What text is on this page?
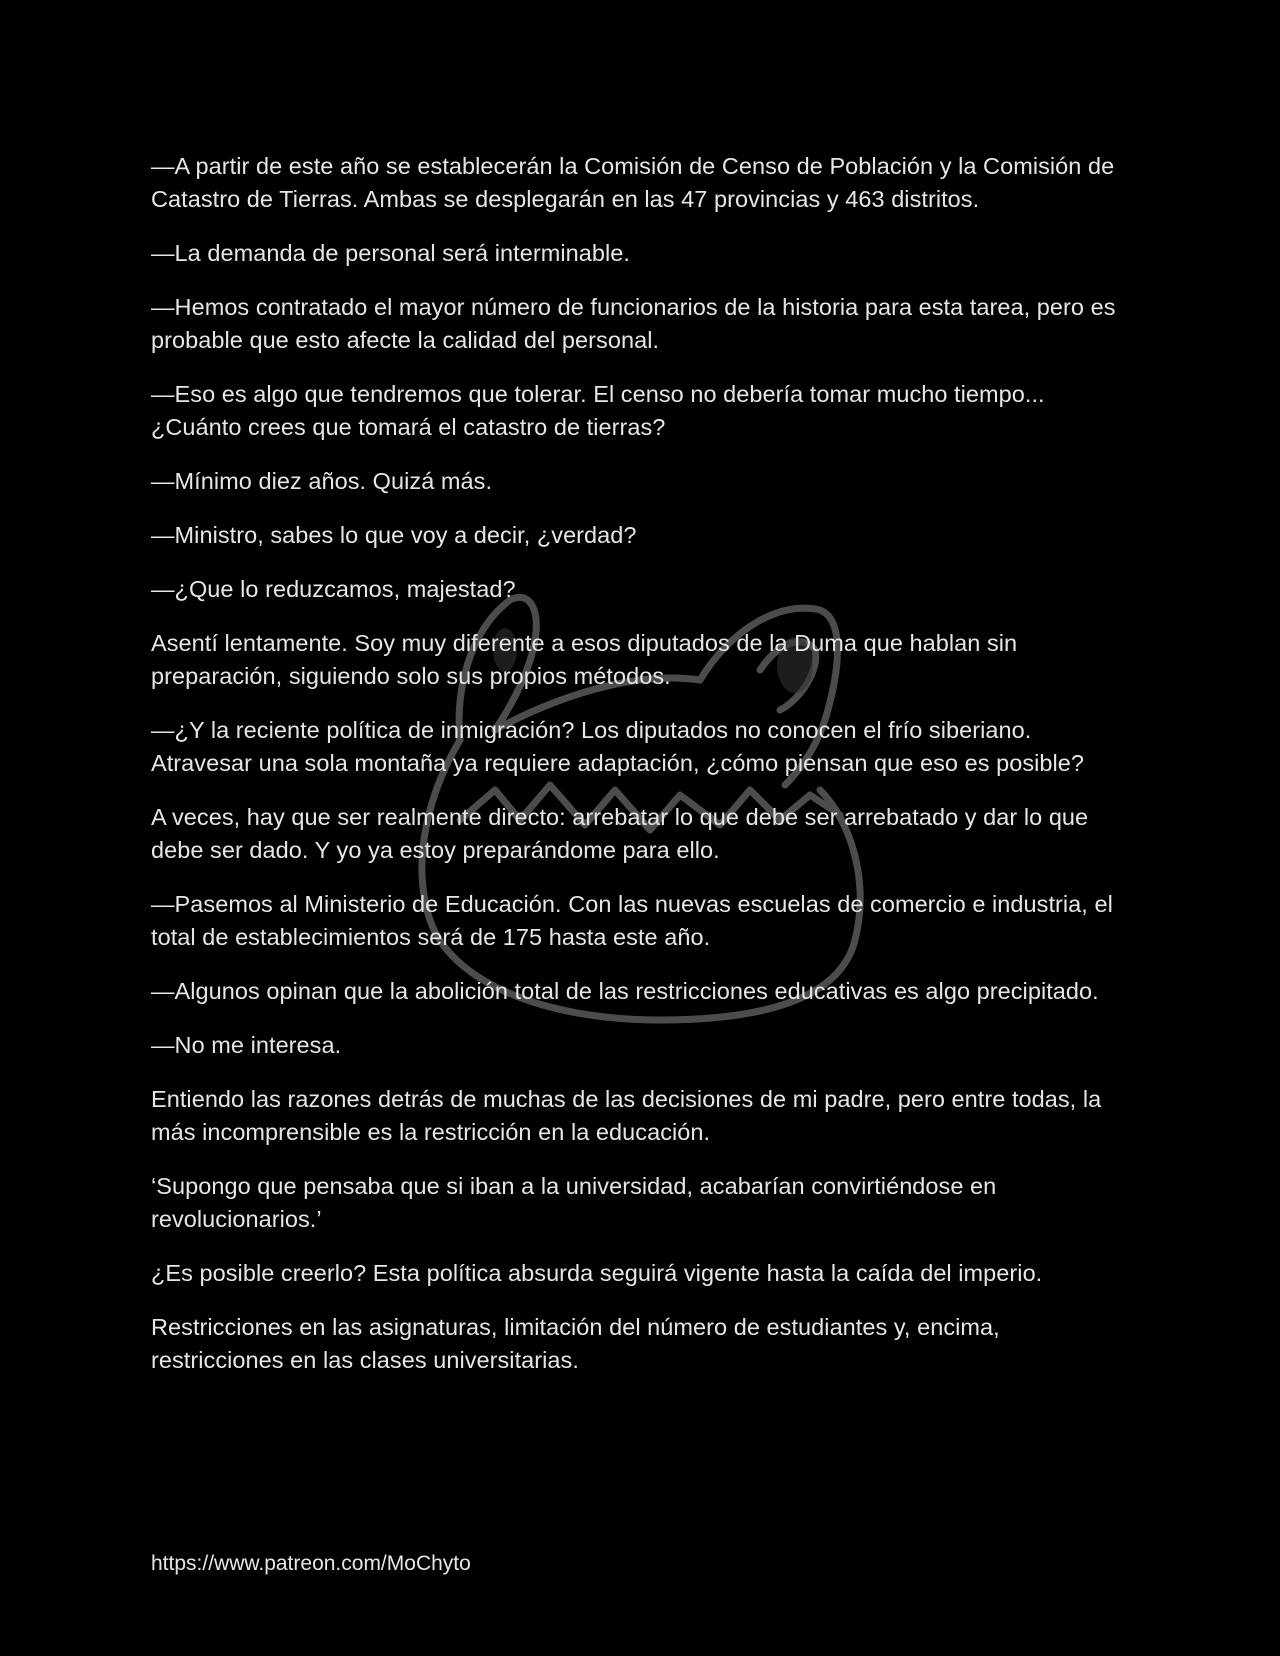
—A partir de este año se establecerán la Comisión de Censo de Población y la Comisión de Catastro de Tierras. Ambas se desplegarán en las 47 provincias y 463 distritos.

—La demanda de personal será interminable.

—Hemos contratado el mayor número de funcionarios de la historia para esta tarea, pero es probable que esto afecte la calidad del personal.

—Eso es algo que tendremos que tolerar. El censo no debería tomar mucho tiempo... ¿Cuánto crees que tomará el catastro de tierras?

—Mínimo diez años. Quizá más.

—Ministro, sabes lo que voy a decir, ¿verdad?

—¿Que lo reduzcamos, majestad?

Asentí lentamente. Soy muy diferente a esos diputados de la Duma que hablan sin preparación, siguiendo solo sus propios métodos.

—¿Y la reciente política de inmigración? Los diputados no conocen el frío siberiano. Atravesar una sola montaña ya requiere adaptación, ¿cómo piensan que eso es posible?

A veces, hay que ser realmente directo: arrebatar lo que debe ser arrebatado y dar lo que debe ser dado. Y yo ya estoy preparándome para ello.

—Pasemos al Ministerio de Educación. Con las nuevas escuelas de comercio e industria, el total de establecimientos será de 175 hasta este año.

—Algunos opinan que la abolición total de las restricciones educativas es algo precipitado.

—No me interesa.

Entiendo las razones detrás de muchas de las decisiones de mi padre, pero entre todas, la más incomprensible es la restricción en la educación.

‘Supongo que pensaba que si iban a la universidad, acabarían convirtiéndose en revolucionarios.’

¿Es posible creerlo? Esta política absurda seguirá vigente hasta la caída del imperio.

Restricciones en las asignaturas, limitación del número de estudiantes y, encima, restricciones en las clases universitarias.

https://www.patreon.com/MoChyto
